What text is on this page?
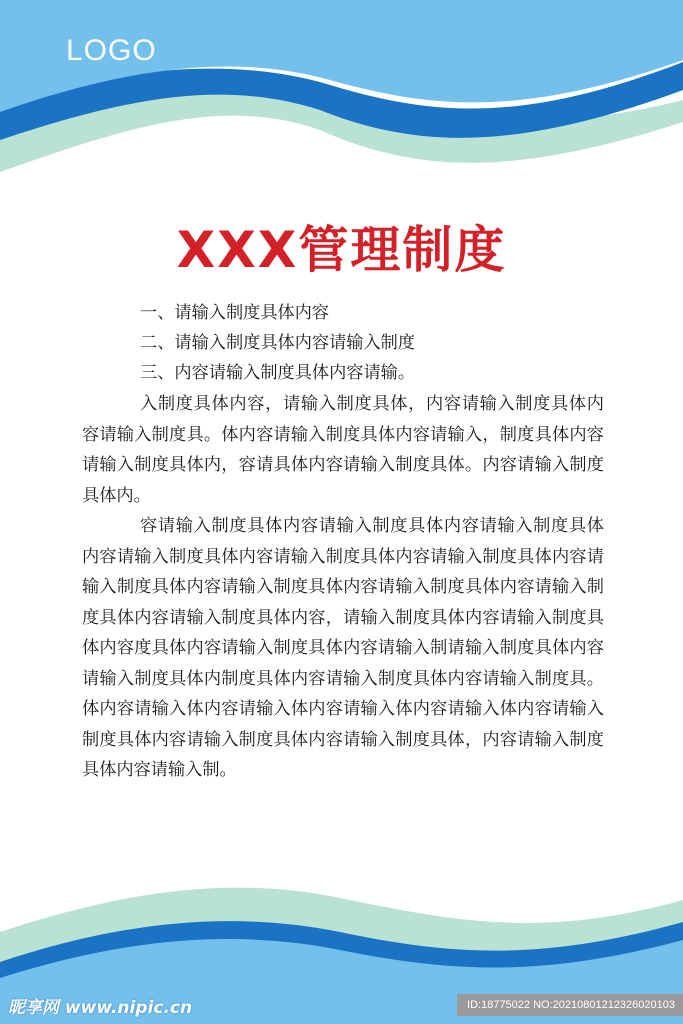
LOGO
XXX管理制度

一、请输入制度具体内容

二、请输入制度具体内容请输入制度

三、内容请输入制度具体内容请输。

入制度具体内容，请输入制度具体，内容请输入制度具体内容请输入制度具。体内容请输入制度具体内容请输入，制度具体内容请输入制度具体内，容请具体内容请输入制度具体。内容请输入制度具体内。

容请输入制度具体内容请输入制度具体内容请输入制度具体内容请输入制度具体内容请输入制度具体内容请输入制度具体内容请输入制度具体内容请输入制度具体内容请输入制度具体内容请输入制度具体内容请输入制度具体内容，请输入制度具体内容请输入制度具体内容度具体内容请输入制度具体内容请输入制请输入制度具体内容请输入制度具体内制度具体内容请输入制度具体内容请输入制度具。体内容请输入体内容请输入体内容请输入体内容请输入体内容请输入制度具体内容请输入制度具体内容请输入制度具体，内容请输入制度具体内容请输入制。

昵享网 www.nipic.cn	ID:18775022 NO:20210801212326020103
